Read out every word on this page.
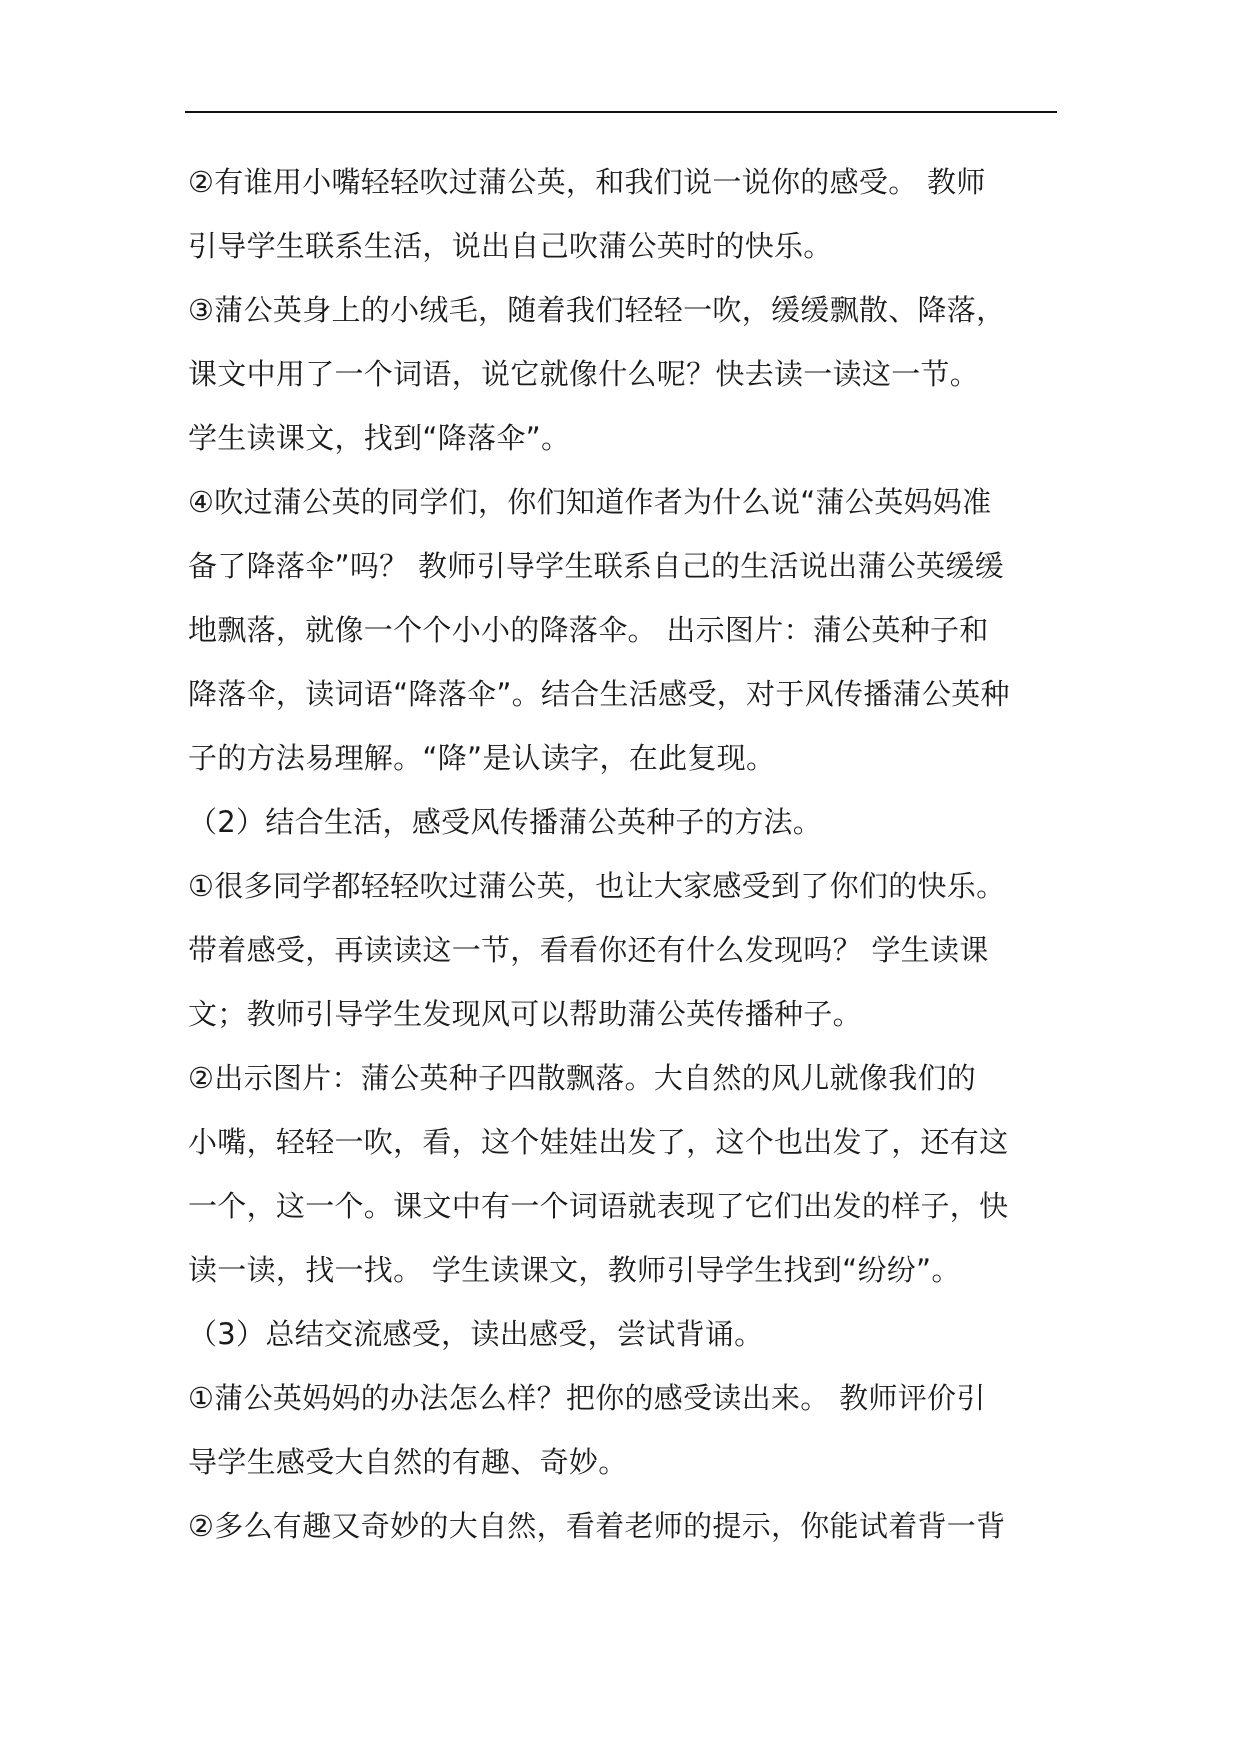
②有谁用小嘴轻轻吹过蒲公英，和我们说一说你的感受。 教师
引导学生联系生活，说出自己吹蒲公英时的快乐。
③蒲公英身上的小绒毛，随着我们轻轻一吹，缓缓飘散、降落，
课文中用了一个词语，说它就像什么呢？快去读一读这一节。
学生读课文，找到“降落伞”。
④吹过蒲公英的同学们，你们知道作者为什么说“蒲公英妈妈准
备了降落伞”吗？ 教师引导学生联系自己的生活说出蒲公英缓缓
地飘落，就像一个个小小的降落伞。 出示图片：蒲公英种子和
降落伞，读词语“降落伞”。结合生活感受，对于风传播蒲公英种
子的方法易理解。“降”是认读字，在此复现。
（2）结合生活，感受风传播蒲公英种子的方法。
①很多同学都轻轻吹过蒲公英，也让大家感受到了你们的快乐。
带着感受，再读读这一节，看看你还有什么发现吗？ 学生读课
文；教师引导学生发现风可以帮助蒲公英传播种子。
②出示图片：蒲公英种子四散飘落。大自然的风儿就像我们的
小嘴，轻轻一吹，看，这个娃娃出发了，这个也出发了，还有这
一个，这一个。课文中有一个词语就表现了它们出发的样子，快
读一读，找一找。 学生读课文，教师引导学生找到“纷纷”。
（3）总结交流感受，读出感受，尝试背诵。
①蒲公英妈妈的办法怎么样？把你的感受读出来。 教师评价引
导学生感受大自然的有趣、奇妙。
②多么有趣又奇妙的大自然，看着老师的提示，你能试着背一背
